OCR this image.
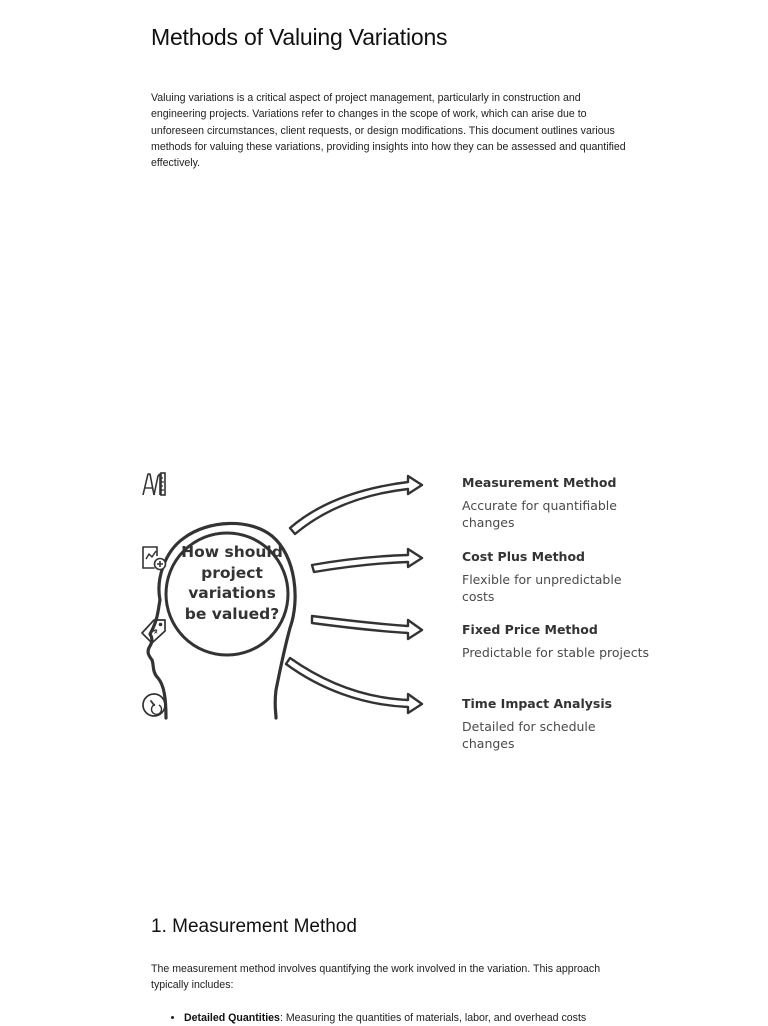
Methods of Valuing Variations

Valuing variations is a critical aspect of project management, particularly in construction and engineering projects. Variations refer to changes in the scope of work, which can arise due to unforeseen circumstances, client requests, or design modifications. This document outlines various methods for valuing these variations, providing insights into how they can be assessed and quantified effectively.

How should project variations be valued?
$
Measurement Method
Accurate for quantifiable changes
Cost Plus Method
Flexible for unpredictable costs
Fixed Price Method
Predictable for stable projects
Time Impact Analysis
Detailed for schedule changes
1. Measurement Method

The measurement method involves quantifying the work involved in the variation. This approach typically includes:

• Detailed Quantities: Measuring the quantities of materials, labor, and overhead costs
